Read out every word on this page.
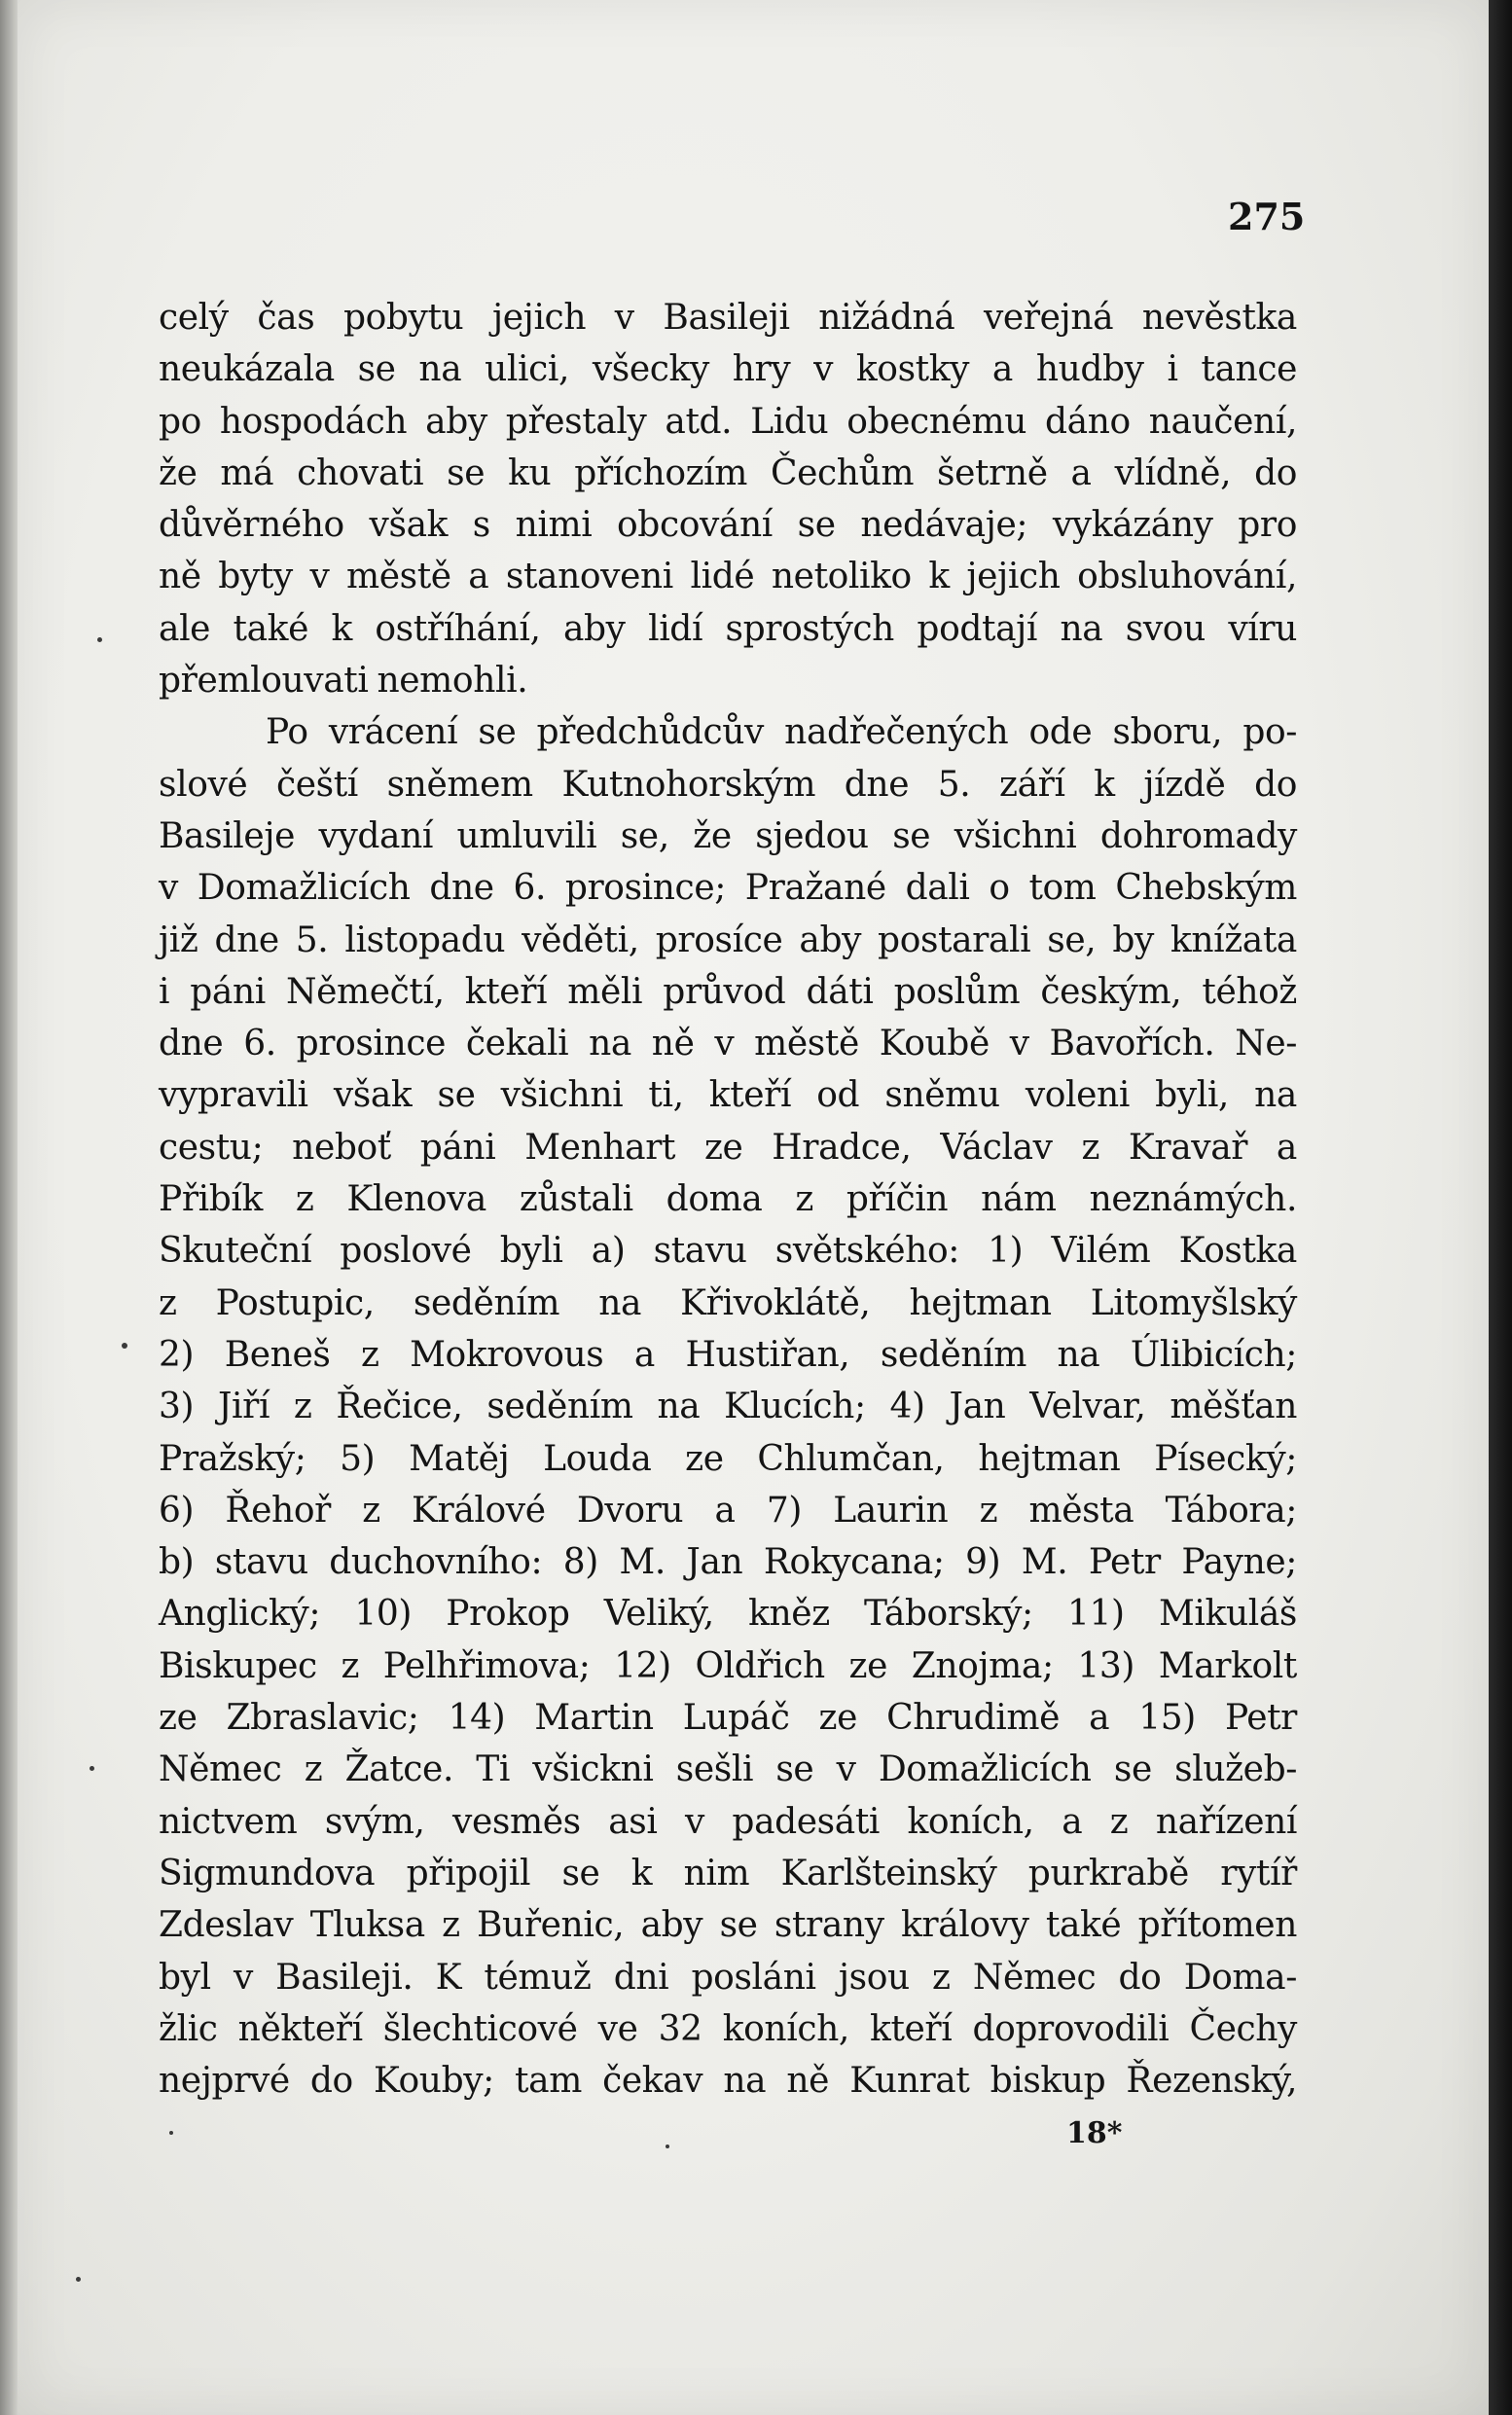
275
celý čas pobytu jejich v Basileji nižádná veřejná nevěstka
neukázala se na ulici, všecky hry v kostky a hudby i tance
po hospodách aby přestaly atd. Lidu obecnému dáno naučení,
že má chovati se ku příchozím Čechům šetrně a vlídně, do
důvěrného však s nimi obcování se nedávaje; vykázány pro
ně byty v městě a stanoveni lidé netoliko k jejich obsluhování,
ale také k ostříhání, aby lidí sprostých podtají na svou víru
přemlouvati nemohli.
Po vrácení se předchůdcův nadřečených ode sboru, po-
slové čeští sněmem Kutnohorským dne 5. září k jízdě do
Basileje vydaní umluvili se, že sjedou se všichni dohromady
v Domažlicích dne 6. prosince; Pražané dali o tom Chebským
již dne 5. listopadu věděti, prosíce aby postarali se, by knížata
i páni Němečtí, kteří měli průvod dáti poslům českým, téhož
dne 6. prosince čekali na ně v městě Koubě v Bavořích. Ne-
vypravili však se všichni ti, kteří od sněmu voleni byli, na
cestu; neboť páni Menhart ze Hradce, Václav z Kravař a
Přibík z Klenova zůstali doma z příčin nám neznámých.
Skuteční poslové byli a) stavu světského: 1) Vilém Kostka
z Postupic, seděním na Křivoklátě, hejtman Litomyšlský
2) Beneš z Mokrovous a Hustiřan, seděním na Úlibicích;
3) Jiří z Řečice, seděním na Klucích; 4) Jan Velvar, měšťan
Pražský; 5) Matěj Louda ze Chlumčan, hejtman Písecký;
6) Řehoř z Králové Dvoru a 7) Laurin z města Tábora;
b) stavu duchovního: 8) M. Jan Rokycana; 9) M. Petr Payne;
Anglický; 10) Prokop Veliký, kněz Táborský; 11) Mikuláš
Biskupec z Pelhřimova; 12) Oldřich ze Znojma; 13) Markolt
ze Zbraslavic; 14) Martin Lupáč ze Chrudimě a 15) Petr
Němec z Žatce. Ti všickni sešli se v Domažlicích se služeb-
nictvem svým, vesměs asi v padesáti koních, a z nařízení
Sigmundova připojil se k nim Karlšteinský purkrabě rytíř
Zdeslav Tluksa z Buřenic, aby se strany královy také přítomen
byl v Basileji. K témuž dni posláni jsou z Němec do Doma-
žlic někteří šlechticové ve 32 koních, kteří doprovodili Čechy
nejprvé do Kouby; tam čekav na ně Kunrat biskup Řezenský,
18*
